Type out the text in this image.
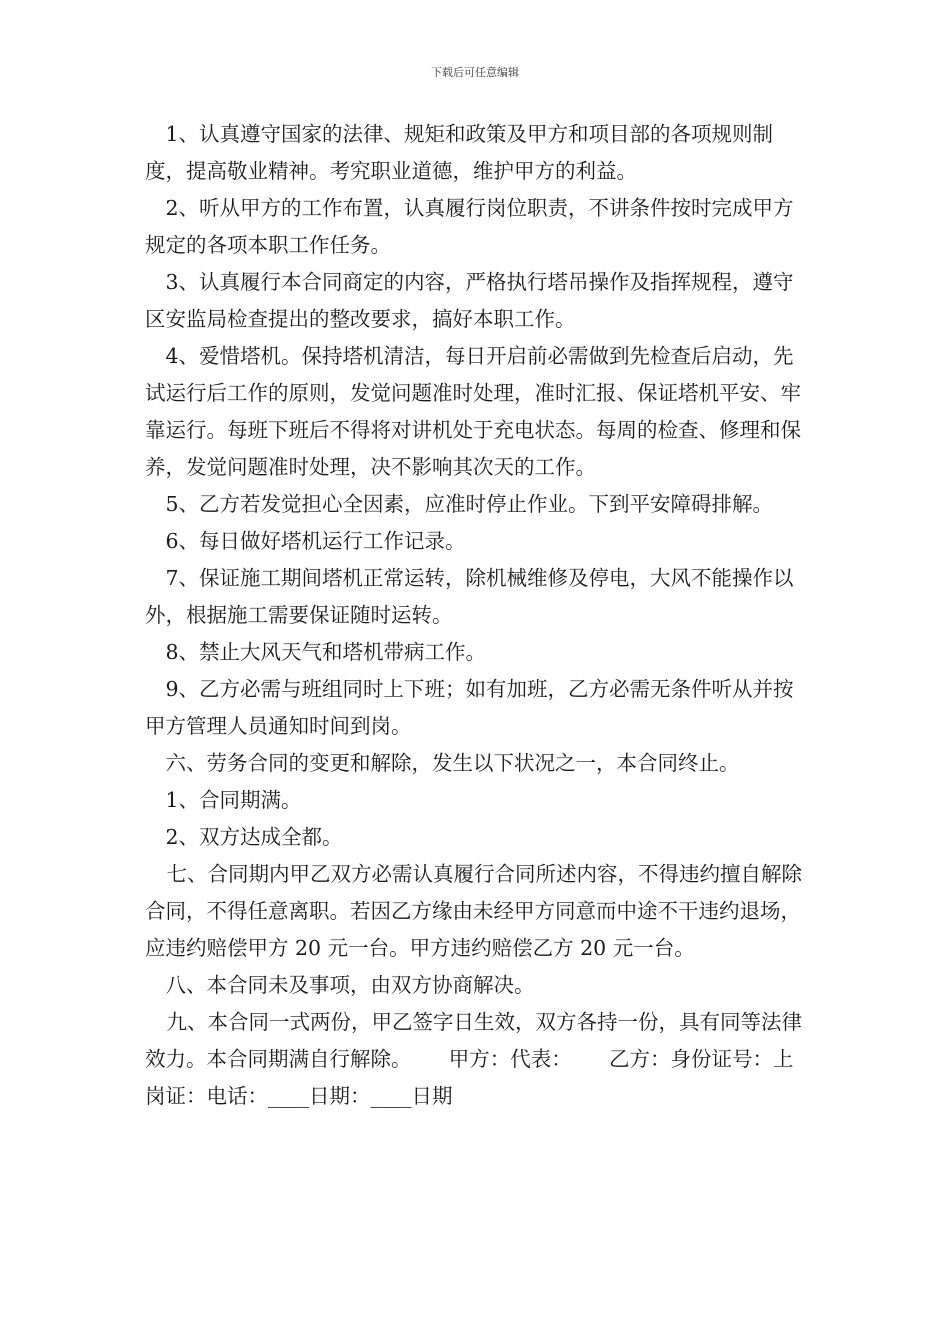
下载后可任意编辑

1、认真遵守国家的法律、规矩和政策及甲方和项目部的各项规则制度，提高敬业精神。考究职业道德，维护甲方的利益。

2、听从甲方的工作布置，认真履行岗位职责，不讲条件按时完成甲方规定的各项本职工作任务。

3、认真履行本合同商定的内容，严格执行塔吊操作及指挥规程，遵守区安监局检查提出的整改要求，搞好本职工作。

4、爱惜塔机。保持塔机清洁，每日开启前必需做到先检查后启动，先试运行后工作的原则，发觉问题准时处理，准时汇报、保证塔机平安、牢靠运行。每班下班后不得将对讲机处于充电状态。每周的检查、修理和保养，发觉问题准时处理，决不影响其次天的工作。

5、乙方若发觉担心全因素，应准时停止作业。下到平安障碍排解。

6、每日做好塔机运行工作记录。

7、保证施工期间塔机正常运转，除机械维修及停电，大风不能操作以外，根据施工需要保证随时运转。

8、禁止大风天气和塔机带病工作。

9、乙方必需与班组同时上下班；如有加班，乙方必需无条件听从并按甲方管理人员通知时间到岗。

六、劳务合同的变更和解除，发生以下状况之一，本合同终止。

1、合同期满。

2、双方达成全都。

七、合同期内甲乙双方必需认真履行合同所述内容，不得违约擅自解除合同，不得任意离职。若因乙方缘由未经甲方同意而中途不干违约退场，应违约赔偿甲方 20 元一台。甲方违约赔偿乙方 20 元一台。

八、本合同未及事项，由双方协商解决。

九、本合同一式两份，甲乙签字日生效，双方各持一份，具有同等法律效力。本合同期满自行解除。　　 甲方：代表：　　 乙方：身份证号：上岗证：电话：____日期：____日期
